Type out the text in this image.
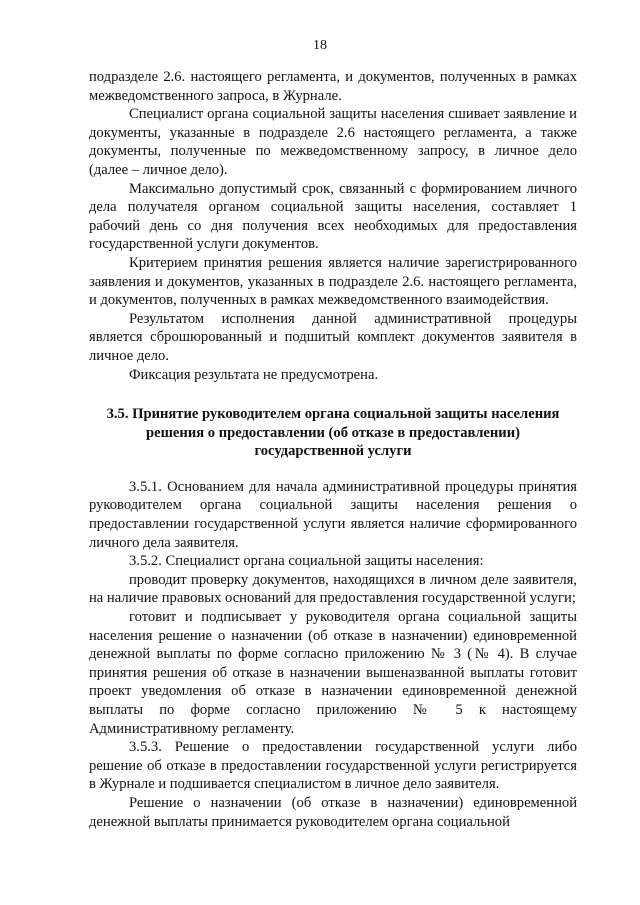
18

подразделе 2.6. настоящего регламента, и документов, полученных в рамках межведомственного запроса, в Журнале.

Специалист органа социальной защиты населения сшивает заявление и документы, указанные в подразделе 2.6 настоящего регламента, а также документы, полученные по межведомственному запросу, в личное дело (далее – личное дело).

Максимально допустимый срок, связанный с формированием личного дела получателя органом социальной защиты населения, составляет 1 рабочий день со дня получения всех необходимых для предоставления государственной услуги документов.

Критерием принятия решения является наличие зарегистрированного заявления и документов, указанных в подразделе 2.6. настоящего регламента, и документов, полученных в рамках межведомственного взаимодействия.

Результатом исполнения данной административной процедуры является сброшюрованный и подшитый комплект документов заявителя в личное дело.

Фиксация результата не предусмотрена.

3.5. Принятие руководителем органа социальной защиты населения решения о предоставлении (об отказе в предоставлении) государственной услуги

3.5.1. Основанием для начала административной процедуры принятия руководителем органа социальной защиты населения решения о предоставлении государственной услуги является наличие сформированного личного дела заявителя.

3.5.2. Специалист органа социальной защиты населения:

проводит проверку документов, находящихся в личном деле заявителя, на наличие правовых оснований для предоставления государственной услуги;

готовит и подписывает у руководителя органа социальной защиты населения решение о назначении (об отказе в назначении) единовременной денежной выплаты по форме согласно приложению № 3 (№ 4). В случае принятия решения об отказе в назначении вышеназванной выплаты готовит проект уведомления об отказе в назначении единовременной денежной выплаты по форме согласно приложению № 5 к настоящему Административному регламенту.

3.5.3. Решение о предоставлении государственной услуги либо решение об отказе в предоставлении государственной услуги регистрируется в Журнале и подшивается специалистом в личное дело заявителя.

Решение о назначении (об отказе в назначении) единовременной денежной выплаты принимается руководителем органа социальной
